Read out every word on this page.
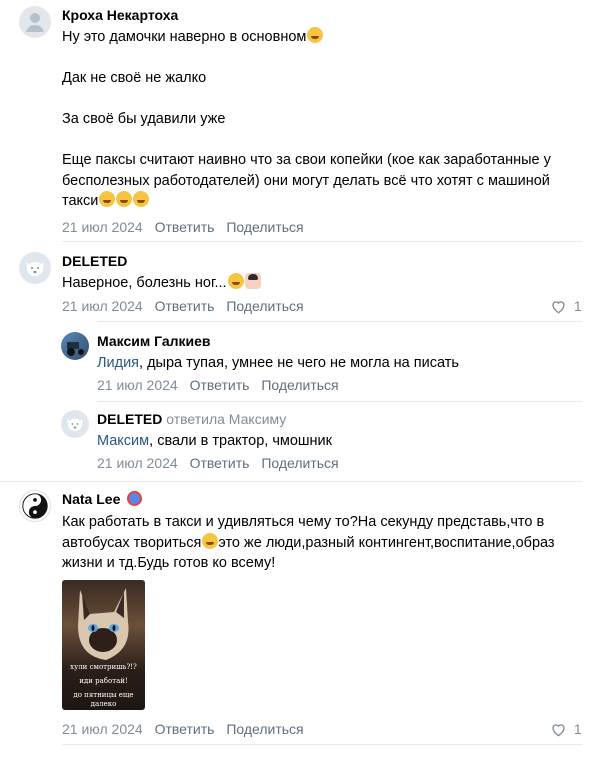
Кроха Некартоха
Ну это дамочки наверно в основном
Дак не своё не жалко
За своё бы удавили уже
Еще паксы считают наивно что за свои копейки (кое как заработанные у бесполезных работодателей) они могут делать всё что хотят с машиной такси
21 июл 2024 Ответить Поделиться
DELETED
Наверное, болезнь ног...
21 июл 2024 Ответить Поделиться	1
Максим Галкиев
Лидия, дыра тупая, умнее не чего не могла на писать
21 июл 2024 Ответить Поделиться
DELETED ответила Максиму
Максим, свали в трактор, чмошник
21 июл 2024 Ответить Поделиться
Nata Lee
Как работать в такси и удивляться чему то?На секунду представь,что в автобусах твориться это же люди,разный контингент,воспитание,образ жизни и тд.Будь готов ко всему!
21 июл 2024 Ответить Поделиться	1
хули смотришь?!?
иди работай!
до пятницы еще далеко
